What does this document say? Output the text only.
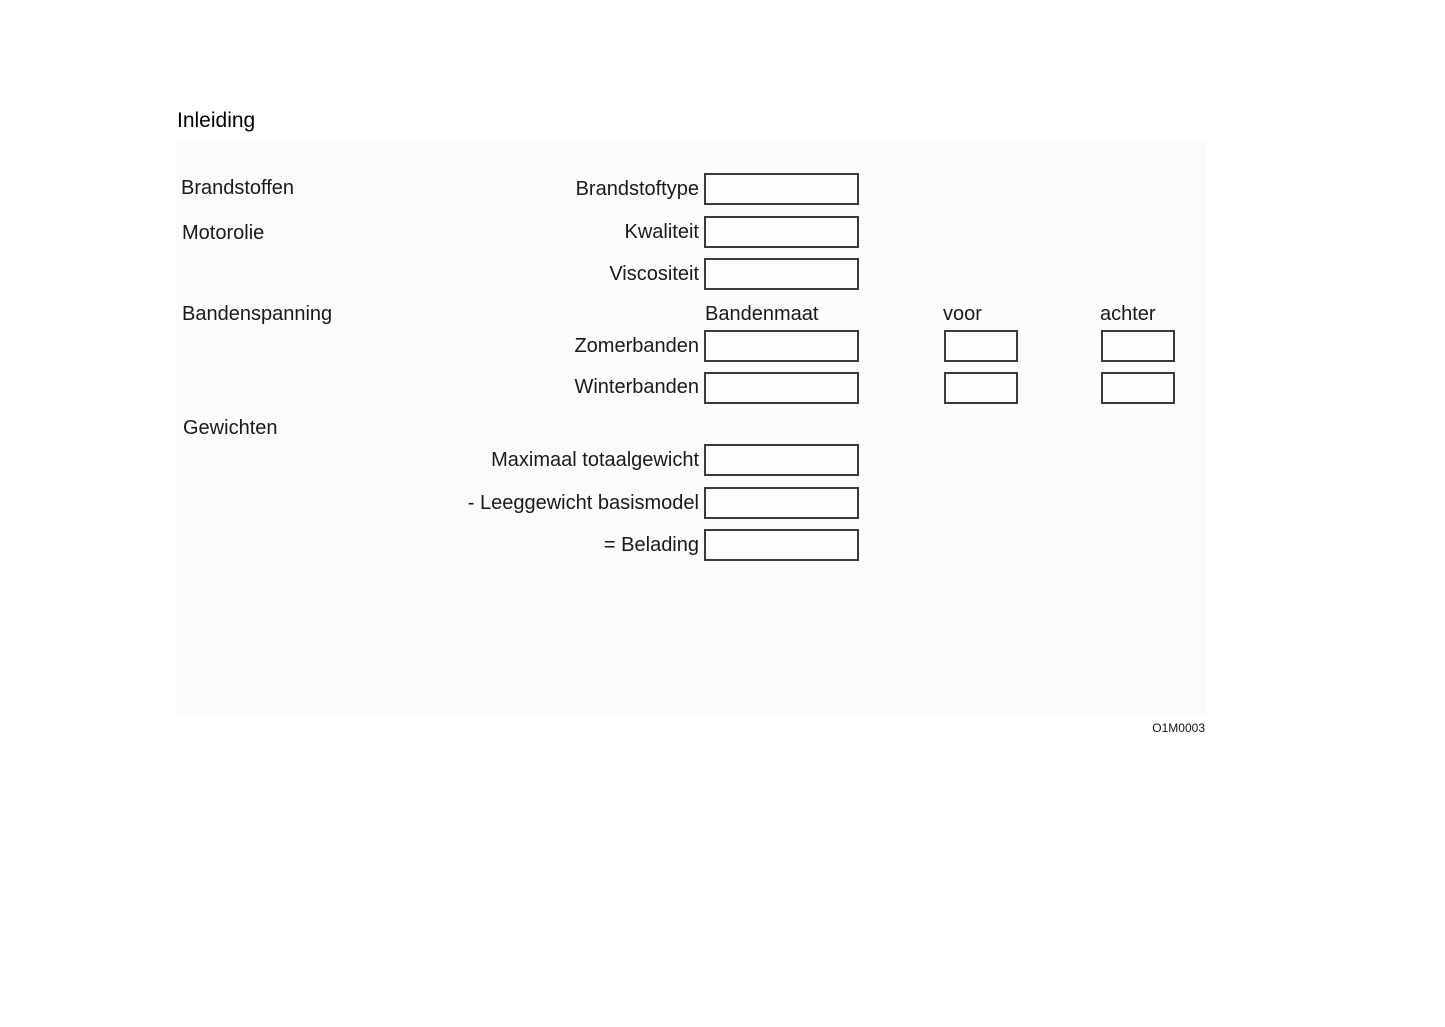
Inleiding
Brandstoffen
Motorolie
Bandenspanning
Gewichten
Brandstoftype
Kwaliteit
Viscositeit
Bandenmaat	voor	achter
Zomerbanden
Winterbanden
Maximaal totaalgewicht
- Leeggewicht basismodel
= Belading
O1M0003
